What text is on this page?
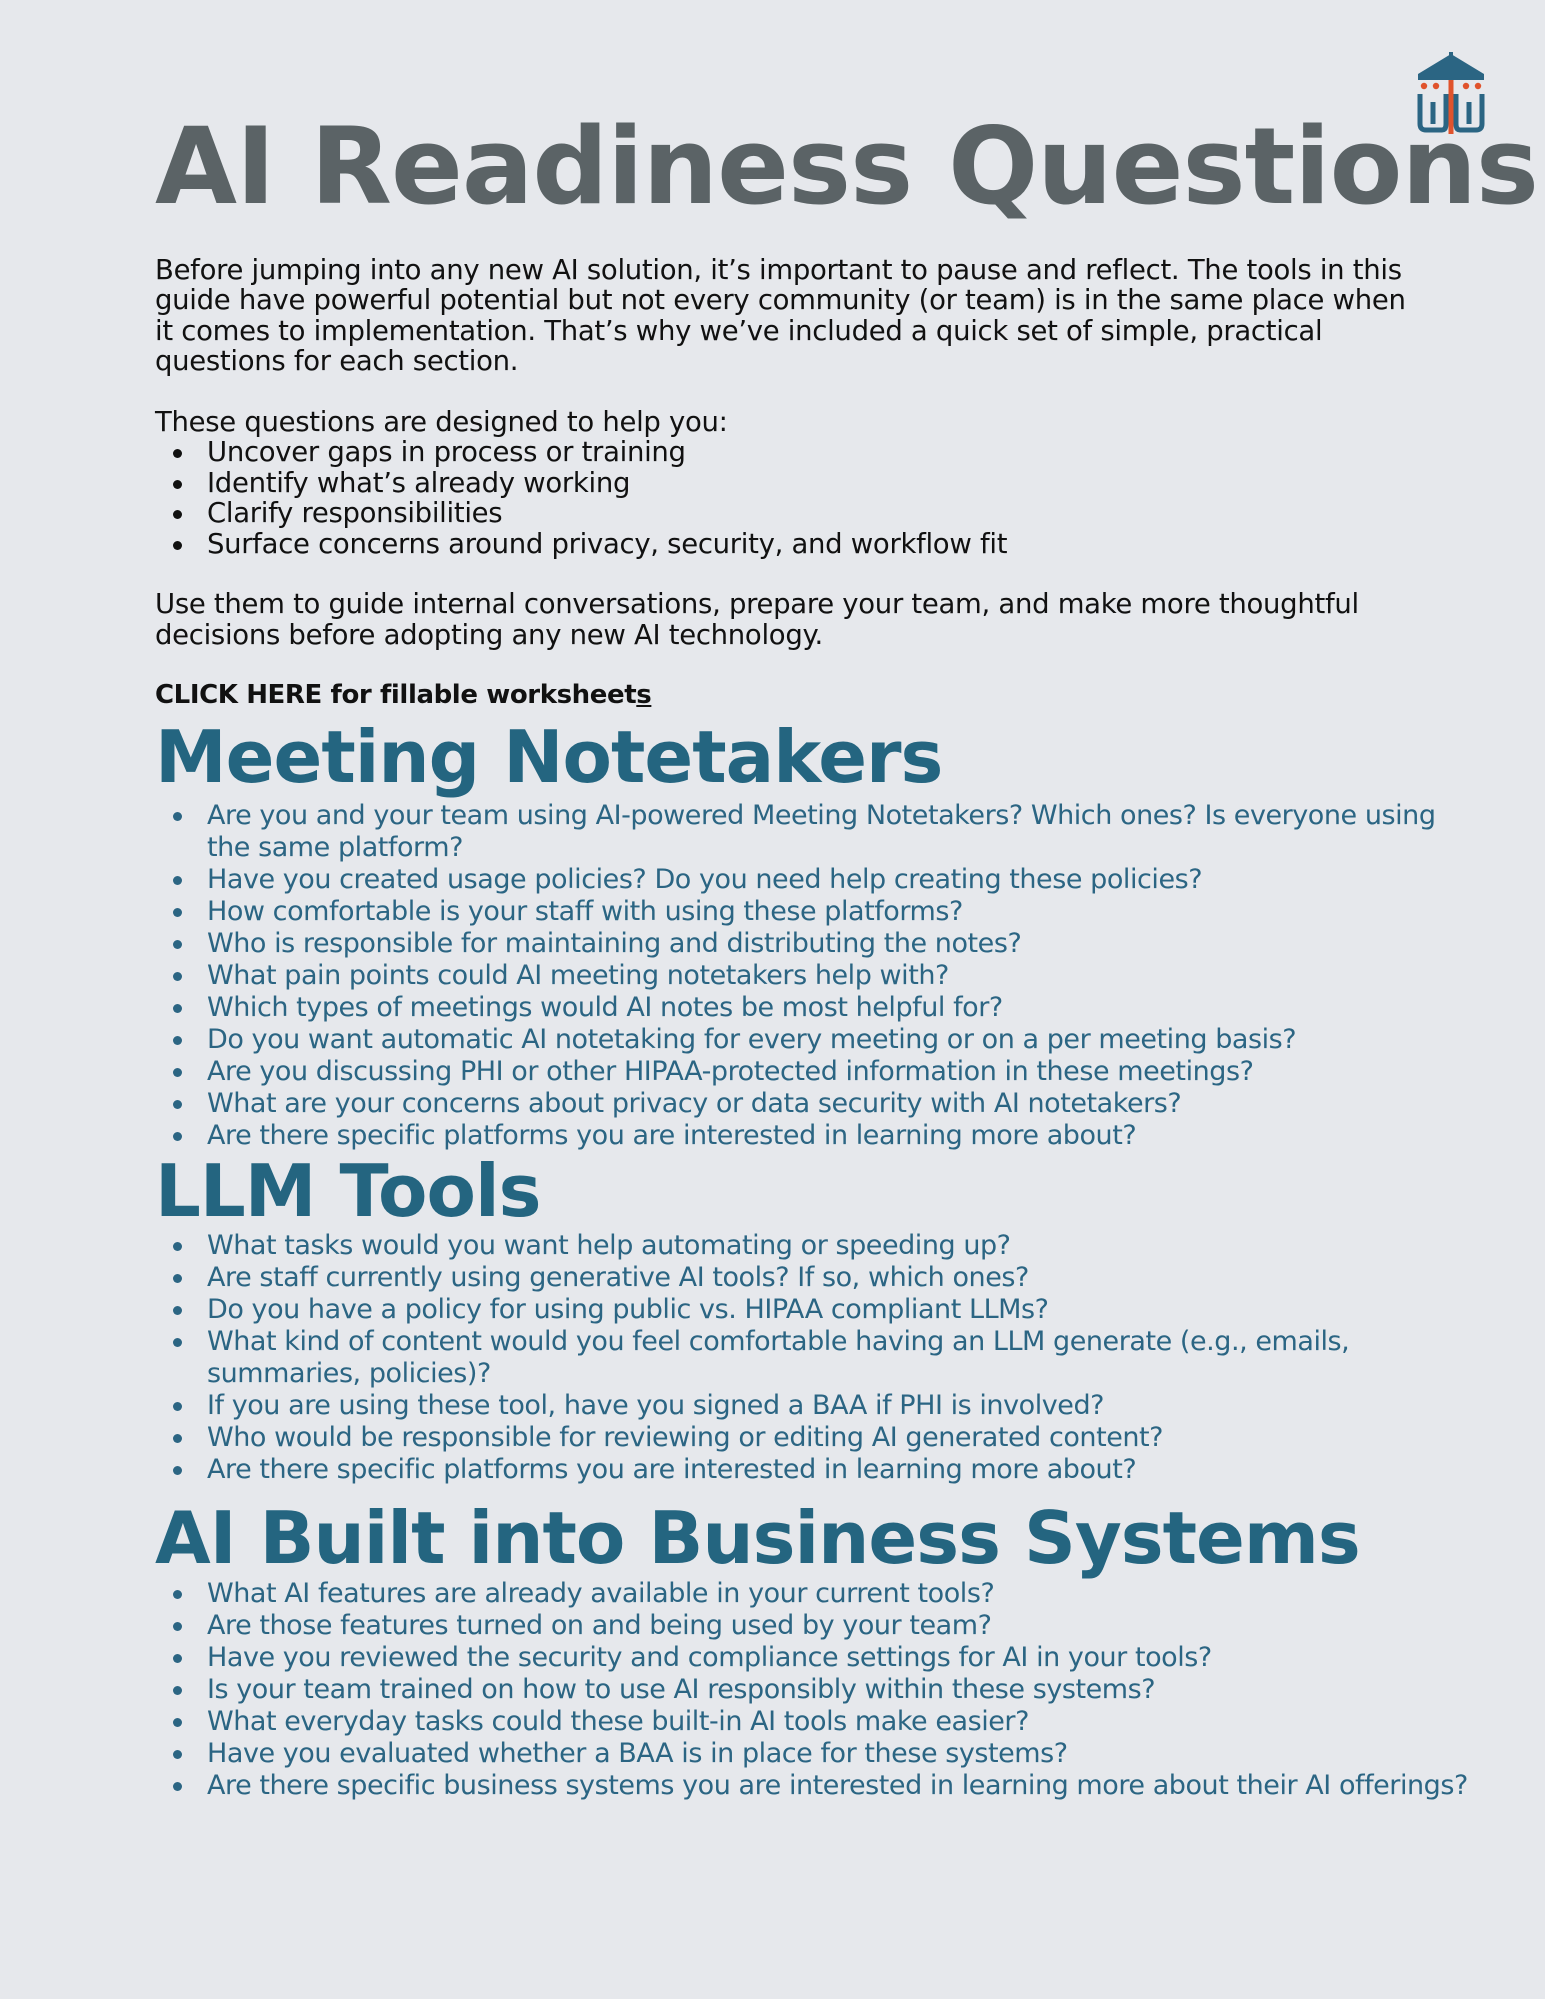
AI Readiness Questions

Before jumping into any new AI solution, it’s important to pause and reflect. The tools in this guide have powerful potential but not every community (or team) is in the same place when it comes to implementation. That’s why we’ve included a quick set of simple, practical questions for each section.

These questions are designed to help you:

Uncover gaps in process or training
Identify what’s already working
Clarify responsibilities
Surface concerns around privacy, security, and workflow fit

Use them to guide internal conversations, prepare your team, and make more thoughtful decisions before adopting any new AI technology.

CLICK HERE for fillable worksheets
Meeting Notetakers
Are you and your team using AI-powered Meeting Notetakers? Which ones? Is everyone using the same platform?
Have you created usage policies? Do you need help creating these policies?
How comfortable is your staff with using these platforms?
Who is responsible for maintaining and distributing the notes?
What pain points could AI meeting notetakers help with?
Which types of meetings would AI notes be most helpful for?
Do you want automatic AI notetaking for every meeting or on a per meeting basis?
Are you discussing PHI or other HIPAA-protected information in these meetings?
What are your concerns about privacy or data security with AI notetakers?
Are there specific platforms you are interested in learning more about?
LLM Tools
What tasks would you want help automating or speeding up?
Are staff currently using generative AI tools? If so, which ones?
Do you have a policy for using public vs. HIPAA compliant LLMs?
What kind of content would you feel comfortable having an LLM generate (e.g., emails, summaries, policies)?
If you are using these tool, have you signed a BAA if PHI is involved?
Who would be responsible for reviewing or editing AI generated content?
Are there specific platforms you are interested in learning more about?
AI Built into Business Systems
What AI features are already available in your current tools?
Are those features turned on and being used by your team?
Have you reviewed the security and compliance settings for AI in your tools?
Is your team trained on how to use AI responsibly within these systems?
What everyday tasks could these built-in AI tools make easier?
Have you evaluated whether a BAA is in place for these systems?
Are there specific business systems you are interested in learning more about their AI offerings?
